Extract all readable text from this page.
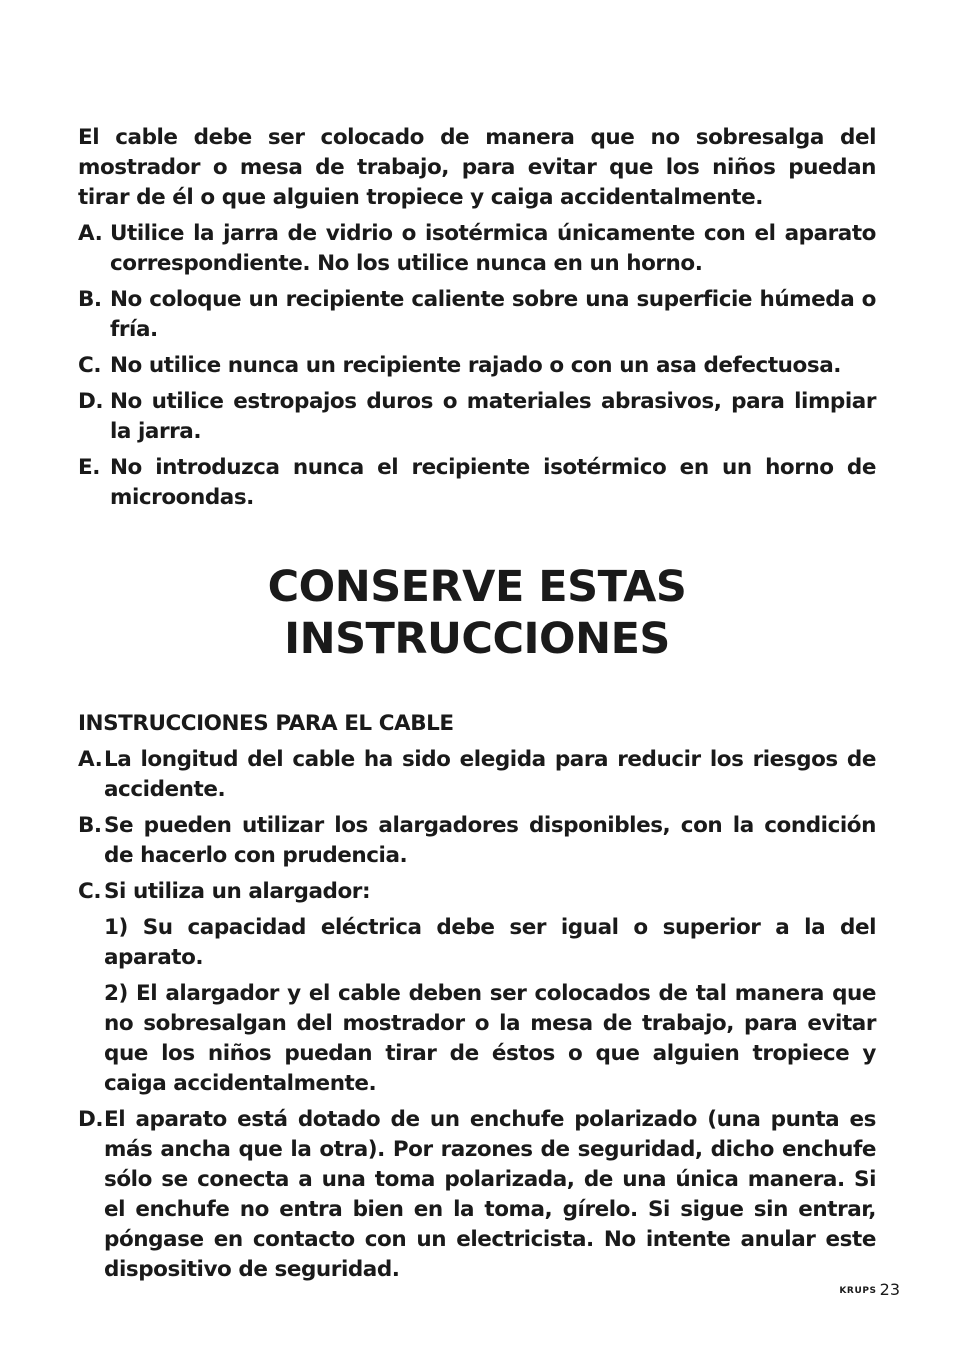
El cable debe ser colocado de manera que no sobresalga del mostrador o mesa de trabajo, para evitar que los niños puedan tirar de él o que alguien tropiece y caiga accidentalmente.

A. Utilice la jarra de vidrio o isotérmica únicamente con el aparato correspondiente. No los utilice nunca en un horno.
B. No coloque un recipiente caliente sobre una superficie húmeda o fría.
C. No utilice nunca un recipiente rajado o con un asa defectuosa.
D. No utilice estropajos duros o materiales abrasivos, para limpiar la jarra.
E. No introduzca nunca el recipiente isotérmico en un horno de microondas.
CONSERVE ESTAS INSTRUCCIONES

INSTRUCCIONES PARA EL CABLE

A. La longitud del cable ha sido elegida para reducir los riesgos de accidente.
B. Se pueden utilizar los alargadores disponibles, con la condición de hacerlo con prudencia.
C. Si utiliza un alargador:

1) Su capacidad eléctrica debe ser igual o superior a la del aparato.

2) El alargador y el cable deben ser colocados de tal manera que no sobresalgan del mostrador o la mesa de trabajo, para evitar que los niños puedan tirar de éstos o que alguien tropiece y caiga accidentalmente.

D. El aparato está dotado de un enchufe polarizado (una punta es más ancha que la otra). Por razones de seguridad, dicho enchufe sólo se conecta a una toma polarizada, de una única manera. Si el enchufe no entra bien en la toma, gírelo. Si sigue sin entrar, póngase en contacto con un electricista. No intente anular este dispositivo de seguridad.
KRUPS 23
